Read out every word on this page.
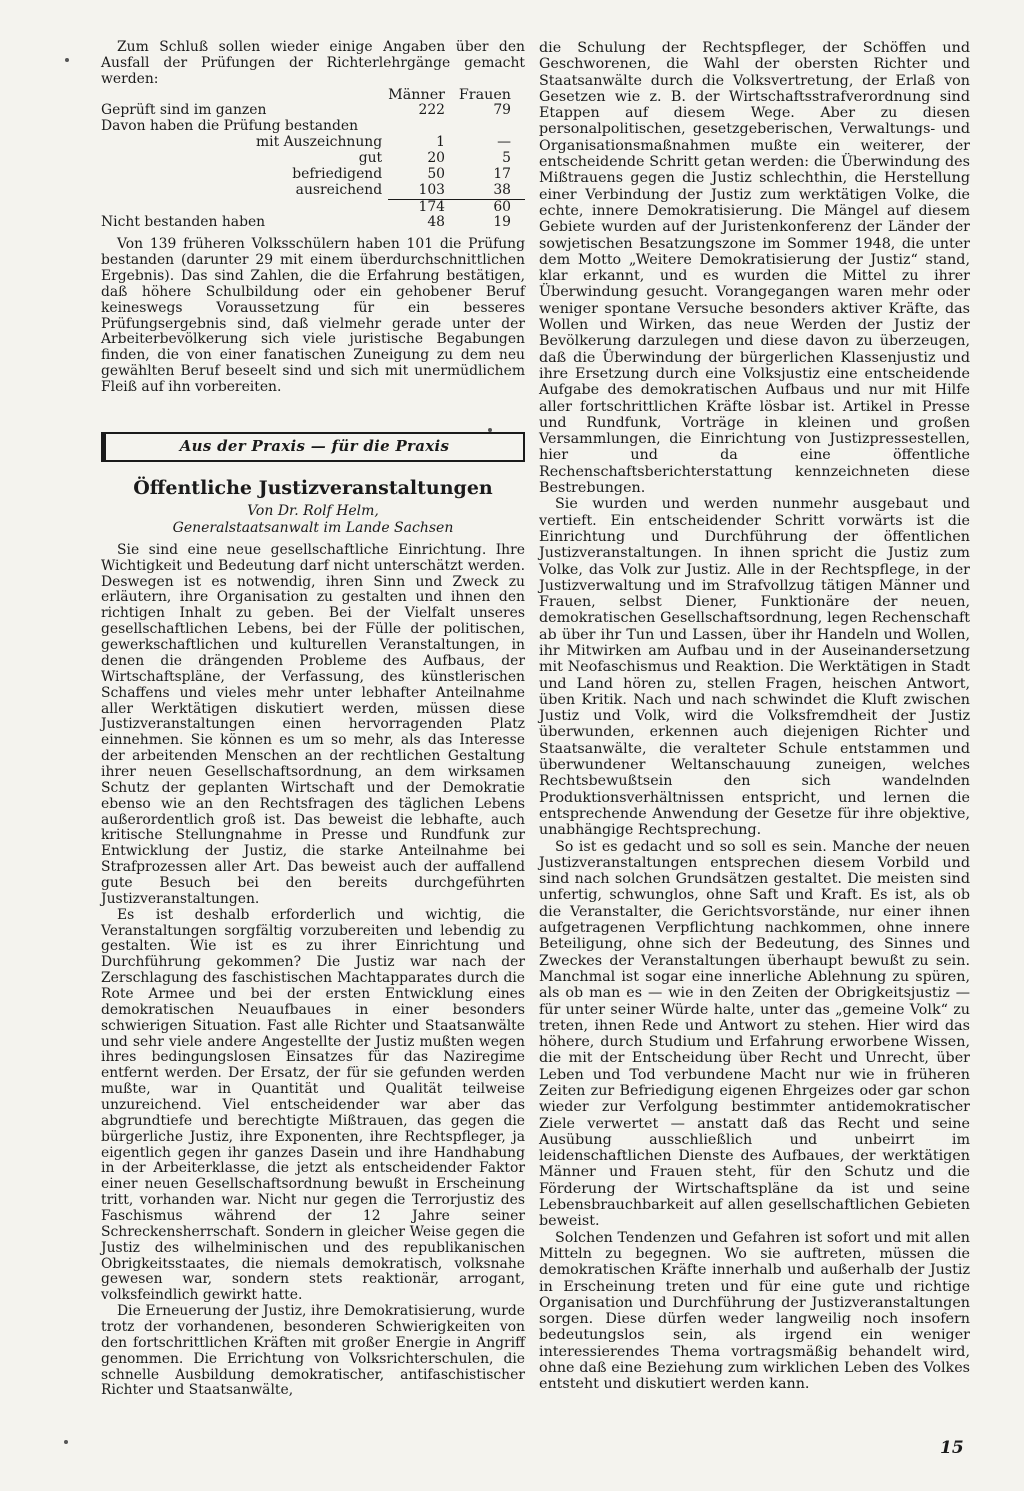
Zum Schluß sollen wieder einige Angaben über den Ausfall der Prüfungen der Richterlehrgänge gemacht werden:

	Männer	Frauen
Geprüft sind im ganzen	222	79
Davon haben die Prüfung bestanden		
mit Auszeichnung	1	—
gut	20	5
befriedigend	50	17
ausreichend	103	38
	174	60
Nicht bestanden haben	48	19

Von 139 früheren Volksschülern haben 101 die Prüfung bestanden (darunter 29 mit einem überdurchschnittlichen Ergebnis). Das sind Zahlen, die die Erfahrung bestätigen, daß höhere Schulbildung oder ein gehobener Beruf keineswegs Voraussetzung für ein besseres Prüfungsergebnis sind, daß vielmehr gerade unter der Arbeiterbevölkerung sich viele juristische Begabungen finden, die von einer fanatischen Zuneigung zu dem neu gewählten Beruf beseelt sind und sich mit unermüdlichem Fleiß auf ihn vorbereiten.

Aus der Praxis — für die Praxis
Öffentliche Justizveranstaltungen
Von Dr. Rolf Helm,
Generalstaatsanwalt im Lande Sachsen

Sie sind eine neue gesellschaftliche Einrichtung. Ihre Wichtigkeit und Bedeutung darf nicht unterschätzt werden. Deswegen ist es notwendig, ihren Sinn und Zweck zu erläutern, ihre Organisation zu gestalten und ihnen den richtigen Inhalt zu geben. Bei der Vielfalt unseres gesellschaftlichen Lebens, bei der Fülle der politischen, gewerkschaftlichen und kulturellen Veranstaltungen, in denen die drängenden Probleme des Aufbaus, der Wirtschaftspläne, der Verfassung, des künstlerischen Schaffens und vieles mehr unter lebhafter Anteilnahme aller Werktätigen diskutiert werden, müssen diese Justizveranstaltungen einen hervorragenden Platz einnehmen. Sie können es um so mehr, als das Interesse der arbeitenden Menschen an der rechtlichen Gestaltung ihrer neuen Gesellschaftsordnung, an dem wirksamen Schutz der geplanten Wirtschaft und der Demokratie ebenso wie an den Rechtsfragen des täglichen Lebens außerordentlich groß ist. Das beweist die lebhafte, auch kritische Stellungnahme in Presse und Rundfunk zur Entwicklung der Justiz, die starke Anteilnahme bei Strafprozessen aller Art. Das beweist auch der auffallend gute Besuch bei den bereits durchgeführten Justizveranstaltungen.

Es ist deshalb erforderlich und wichtig, die Veranstaltungen sorgfältig vorzubereiten und lebendig zu gestalten. Wie ist es zu ihrer Einrichtung und Durchführung gekommen? Die Justiz war nach der Zerschlagung des faschistischen Machtapparates durch die Rote Armee und bei der ersten Entwicklung eines demokratischen Neuaufbaues in einer besonders schwierigen Situation. Fast alle Richter und Staatsanwälte und sehr viele andere Angestellte der Justiz mußten wegen ihres bedingungslosen Einsatzes für das Naziregime entfernt werden. Der Ersatz, der für sie gefunden werden mußte, war in Quantität und Qualität teilweise unzureichend. Viel entscheidender war aber das abgrundtiefe und berechtigte Mißtrauen, das gegen die bürgerliche Justiz, ihre Exponenten, ihre Rechtspfleger, ja eigentlich gegen ihr ganzes Dasein und ihre Handhabung in der Arbeiterklasse, die jetzt als entscheidender Faktor einer neuen Gesellschaftsordnung bewußt in Erscheinung tritt, vorhanden war. Nicht nur gegen die Terrorjustiz des Faschismus während der 12 Jahre seiner Schreckensherrschaft. Sondern in gleicher Weise gegen die Justiz des wilhelminischen und des republikanischen Obrigkeitsstaates, die niemals demokratisch, volksnahe gewesen war, sondern stets reaktionär, arrogant, volksfeindlich gewirkt hatte.

Die Erneuerung der Justiz, ihre Demokratisierung, wurde trotz der vorhandenen, besonderen Schwierigkeiten von den fortschrittlichen Kräften mit großer Energie in Angriff genommen. Die Errichtung von Volksrichterschulen, die schnelle Ausbildung demokratischer, antifaschistischer Richter und Staatsanwälte,

die Schulung der Rechtspfleger, der Schöffen und Geschworenen, die Wahl der obersten Richter und Staatsanwälte durch die Volksvertretung, der Erlaß von Gesetzen wie z. B. der Wirtschaftsstrafverordnung sind Etappen auf diesem Wege. Aber zu diesen personalpolitischen, gesetzgeberischen, Verwaltungs- und Organisationsmaßnahmen mußte ein weiterer, der entscheidende Schritt getan werden: die Überwindung des Mißtrauens gegen die Justiz schlechthin, die Herstellung einer Verbindung der Justiz zum werktätigen Volke, die echte, innere Demokratisierung. Die Mängel auf diesem Gebiete wurden auf der Juristenkonferenz der Länder der sowjetischen Besatzungszone im Sommer 1948, die unter dem Motto „Weitere Demokratisierung der Justiz“ stand, klar erkannt, und es wurden die Mittel zu ihrer Überwindung gesucht. Vorangegangen waren mehr oder weniger spontane Versuche besonders aktiver Kräfte, das Wollen und Wirken, das neue Werden der Justiz der Bevölkerung darzulegen und diese davon zu überzeugen, daß die Überwindung der bürgerlichen Klassenjustiz und ihre Ersetzung durch eine Volksjustiz eine entscheidende Aufgabe des demokratischen Aufbaus und nur mit Hilfe aller fortschrittlichen Kräfte lösbar ist. Artikel in Presse und Rundfunk, Vorträge in kleinen und großen Versammlungen, die Einrichtung von Justizpressestellen, hier und da eine öffentliche Rechenschaftsberichterstattung kennzeichneten diese Bestrebungen.

Sie wurden und werden nunmehr ausgebaut und vertieft. Ein entscheidender Schritt vorwärts ist die Einrichtung und Durchführung der öffentlichen Justizveranstaltungen. In ihnen spricht die Justiz zum Volke, das Volk zur Justiz. Alle in der Rechtspflege, in der Justizverwaltung und im Strafvollzug tätigen Männer und Frauen, selbst Diener, Funktionäre der neuen, demokratischen Gesellschaftsordnung, legen Rechenschaft ab über ihr Tun und Lassen, über ihr Handeln und Wollen, ihr Mitwirken am Aufbau und in der Auseinandersetzung mit Neofaschismus und Reaktion. Die Werktätigen in Stadt und Land hören zu, stellen Fragen, heischen Antwort, üben Kritik. Nach und nach schwindet die Kluft zwischen Justiz und Volk, wird die Volksfremdheit der Justiz überwunden, erkennen auch diejenigen Richter und Staatsanwälte, die veralteter Schule entstammen und überwundener Weltanschauung zuneigen, welches Rechtsbewußtsein den sich wandelnden Produktionsverhältnissen entspricht, und lernen die entsprechende Anwendung der Gesetze für ihre objektive, unabhängige Rechtsprechung.

So ist es gedacht und so soll es sein. Manche der neuen Justizveranstaltungen entsprechen diesem Vorbild und sind nach solchen Grundsätzen gestaltet. Die meisten sind unfertig, schwunglos, ohne Saft und Kraft. Es ist, als ob die Veranstalter, die Gerichtsvorstände, nur einer ihnen aufgetragenen Verpflichtung nachkommen, ohne innere Beteiligung, ohne sich der Bedeutung, des Sinnes und Zweckes der Veranstaltungen überhaupt bewußt zu sein. Manchmal ist sogar eine innerliche Ablehnung zu spüren, als ob man es — wie in den Zeiten der Obrigkeitsjustiz — für unter seiner Würde halte, unter das „gemeine Volk“ zu treten, ihnen Rede und Antwort zu stehen. Hier wird das höhere, durch Studium und Erfahrung erworbene Wissen, die mit der Entscheidung über Recht und Unrecht, über Leben und Tod verbundene Macht nur wie in früheren Zeiten zur Befriedigung eigenen Ehrgeizes oder gar schon wieder zur Verfolgung bestimmter antidemokratischer Ziele verwertet — anstatt daß das Recht und seine Ausübung ausschließlich und unbeirrt im leidenschaftlichen Dienste des Aufbaues, der werktätigen Männer und Frauen steht, für den Schutz und die Förderung der Wirtschaftspläne da ist und seine Lebensbrauchbarkeit auf allen gesellschaftlichen Gebieten beweist.

Solchen Tendenzen und Gefahren ist sofort und mit allen Mitteln zu begegnen. Wo sie auftreten, müssen die demokratischen Kräfte innerhalb und außerhalb der Justiz in Erscheinung treten und für eine gute und richtige Organisation und Durchführung der Justizveranstaltungen sorgen. Diese dürfen weder langweilig noch insofern bedeutungslos sein, als irgend ein weniger interessierendes Thema vortragsmäßig behandelt wird, ohne daß eine Beziehung zum wirklichen Leben des Volkes entsteht und diskutiert werden kann.

15
